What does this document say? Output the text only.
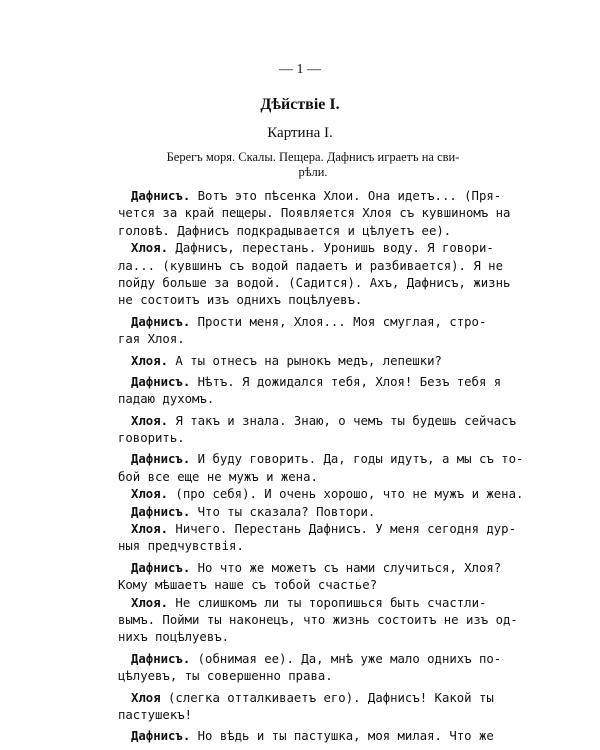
— 1 —
Дѣйствіе I.
Картина I.
Берегъ моря. Скалы. Пещера. Дафнисъ играетъ на сви-
рѣли.
Дафнисъ. Вотъ это пѣсенка Хлои. Она идетъ... (Пря-
чется за край пещеры. Появляется Хлоя съ кувшиномъ на
головѣ. Дафнисъ подкрадывается и цѣлуетъ ее).
Хлоя. Дафнисъ, перестань. Уронишь воду. Я говори-
ла... (кувшинъ съ водой падаетъ и разбивается). Я не
пойду больше за водой. (Садится). Ахъ, Дафнисъ, жизнь
не состоитъ изъ однихъ поцѣлуевъ.
Дафнисъ. Прости меня, Хлоя... Моя смуглая, стро-
гая Хлоя.
Хлоя. А ты отнесъ на рынокъ медъ, лепешки?
Дафнисъ. Нѣтъ. Я дожидался тебя, Хлоя! Безъ тебя я
падаю духомъ.
Хлоя. Я такъ и знала. Знаю, о чемъ ты будешь сейчасъ
говорить.
Дафнисъ. И буду говорить. Да, годы идутъ, а мы съ то-
бой все еще не мужъ и жена.
Хлоя. (про себя). И очень хорошо, что не мужъ и жена.
Дафнисъ. Что ты сказала? Повтори.
Хлоя. Ничего. Перестань Дафнисъ. У меня сегодня дур-
ныя предчувствія.
Дафнисъ. Но что же можетъ съ нами случиться, Хлоя?
Кому мѣшаетъ наше съ тобой счастье?
Хлоя. Не слишкомъ ли ты торопишься быть счастли-
вымъ. Пойми ты наконецъ, что жизнь состоитъ не изъ од-
нихъ поцѣлуевъ.
Дафнисъ. (обнимая ее). Да, мнѣ уже мало однихъ по-
цѣлуевъ, ты совершенно права.
Хлоя (слегка отталкиваетъ его). Дафнисъ! Какой ты
пастушекъ!
Дафнисъ. Но вѣдь и ты пастушка, моя милая. Что же
